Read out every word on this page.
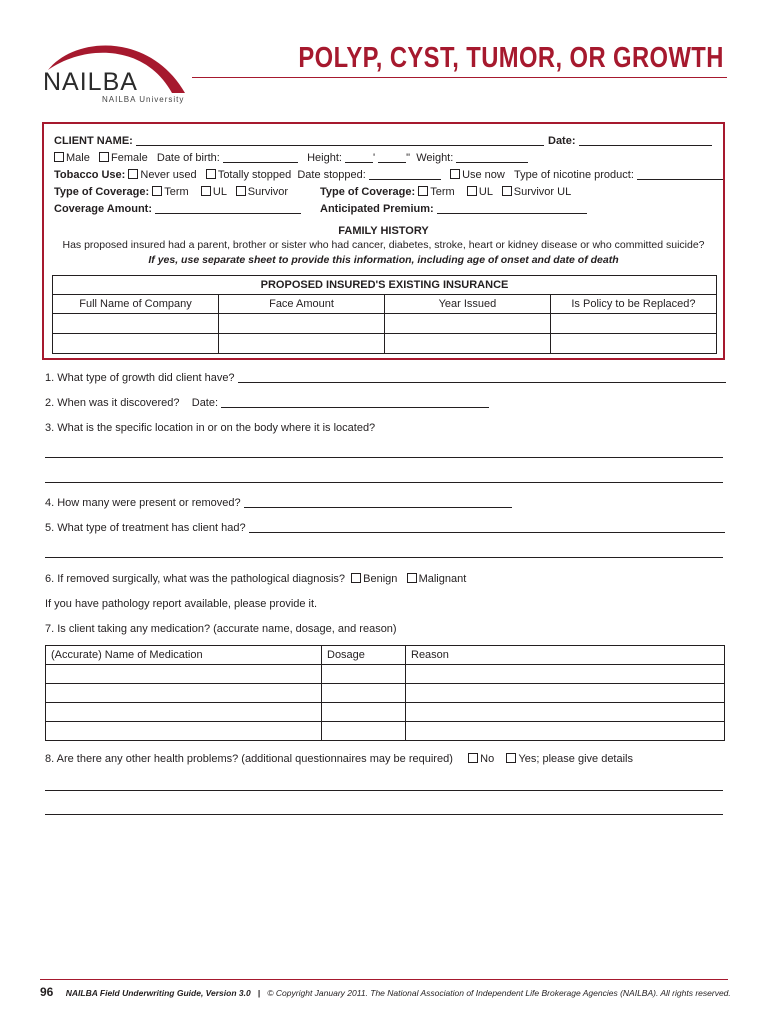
NAILBA
NAILBA University
POLYP, CYST, TUMOR, OR GROWTH
CLIENT NAME:	Date:
Male Female Date of birth:	Height:	'	"  Weight:
Tobacco Use: Never used Totally stopped Date stopped:	Use now Type of nicotine product:
Type of Coverage: Term UL Survivor	Type of Coverage: Term UL Survivor UL
Coverage Amount:	Anticipated Premium:
FAMILY HISTORY
Has proposed insured had a parent, brother or sister who had cancer, diabetes, stroke, heart or kidney disease or who committed suicide?
If yes, use separate sheet to provide this information, including age of onset and date of death
PROPOSED INSURED'S EXISTING INSURANCE			
Full Name of Company	Face Amount	Year Issued	Is Policy to be Replaced?

1. What type of growth did client have?
2. When was it discovered? Date:
3. What is the specific location in or on the body where it is located?
4. How many were present or removed?
5. What type of treatment has client had?
6. If removed surgically, what was the pathological diagnosis? Benign Malignant
If you have pathology report available, please provide it.
7. Is client taking any medication? (accurate name, dosage, and reason)
(Accurate) Name of Medication	Dosage	Reason

8. Are there any other health problems? (additional questionnaires may be required) No Yes; please give details
96 NAILBA Field Underwriting Guide, Version 3.0 | © Copyright January 2011. The National Association of Independent Life Brokerage Agencies (NAILBA). All rights reserved.
